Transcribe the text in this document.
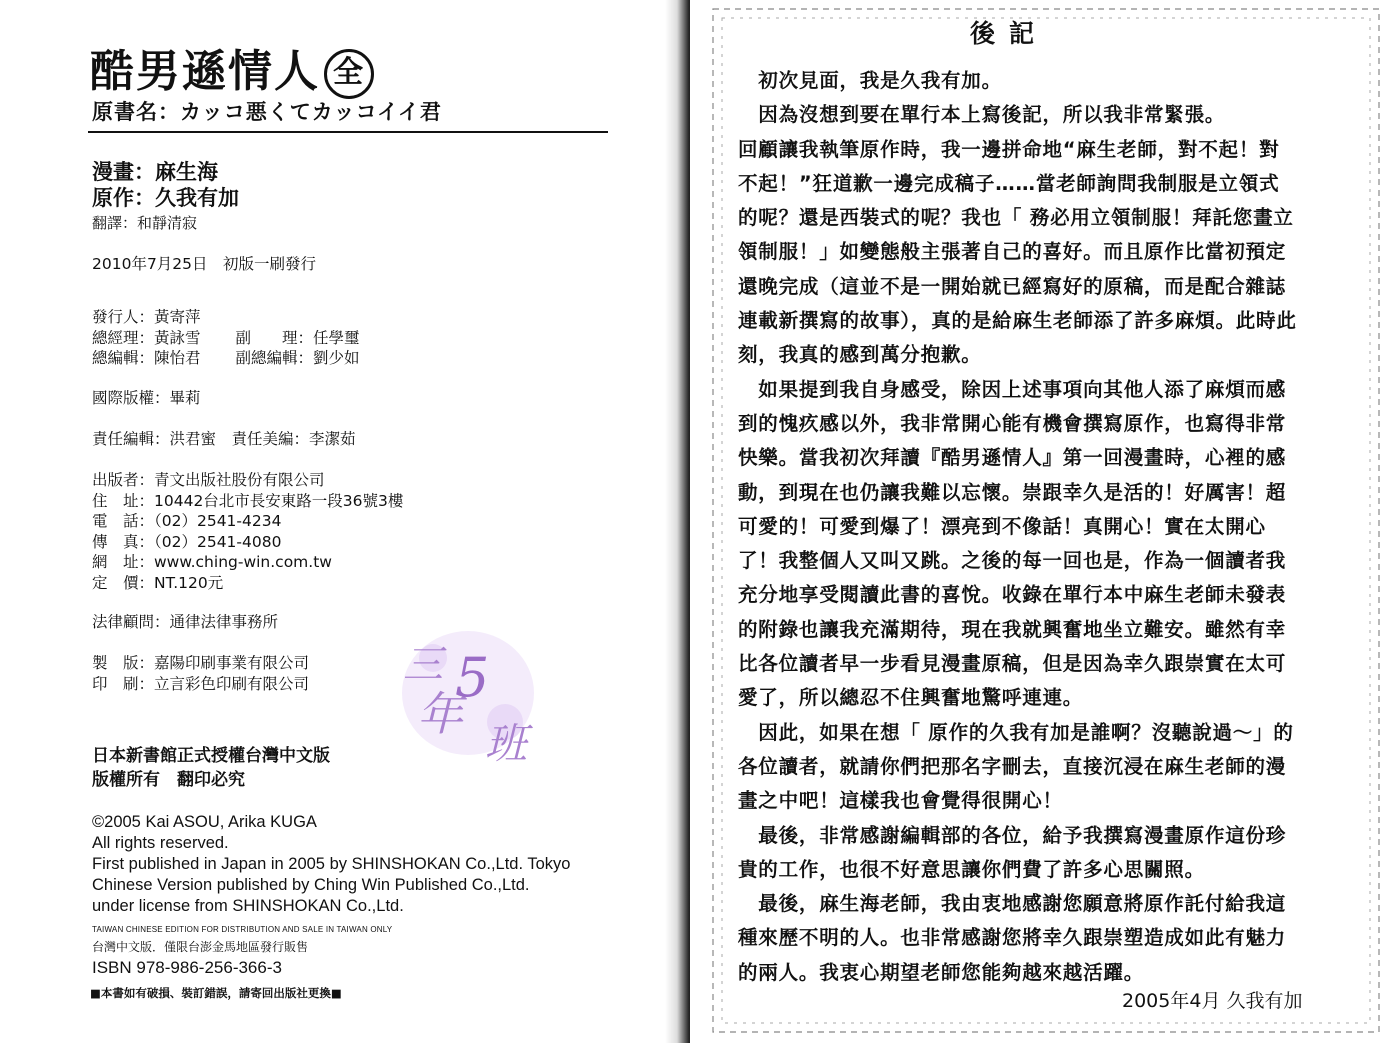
酷男遜情人 全
原書名：カッコ悪くてカッコイイ君
漫畫：麻生海
原作：久我有加
翻譯：和靜清寂
2010年7月25日　初版一刷發行
發行人：黃寄萍
總經理：黃詠雪 副　　理：任學璽
總編輯：陳怡君 副總編輯：劉少如
國際版權：畢莉
責任編輯：洪君蜜　責任美編：李潔茹
出版者：青文出版社股份有限公司
住　址：10442台北市長安東路一段36號3樓
電　話：（02）2541-4234
傳　真：（02）2541-4080
網　址：www.ching-win.com.tw
定　價：NT.120元
法律顧問：通律法律事務所
製　版：嘉陽印刷事業有限公司
印　刷：立言彩色印刷有限公司 三
年
5
班
日本新書館正式授權台灣中文版
版權所有　翻印必究
©2005 Kai ASOU, Arika KUGA
All rights reserved.
First published in Japan in 2005 by SHINSHOKAN Co.,Ltd. Tokyo
Chinese Version published by Ching Win Published Co.,Ltd.
under license from SHINSHOKAN Co.,Ltd.
TAIWAN CHINESE EDITION FOR DISTRIBUTION AND SALE IN TAIWAN ONLY
台灣中文版．僅限台澎金馬地區發行販售
ISBN 978-986-256-366-3
■本書如有破損、裝訂錯誤，請寄回出版社更換■
後記
　初次見面，我是久我有加。
　因為沒想到要在單行本上寫後記，所以我非常緊張。
回顧讓我執筆原作時，我一邊拼命地“麻生老師，對不起！對
不起！”狂道歉一邊完成稿子……當老師詢問我制服是立領式
的呢？還是西裝式的呢？我也「 務必用立領制服！拜託您畫立
領制服！」如變態般主張著自己的喜好。而且原作比當初預定
還晚完成（這並不是一開始就已經寫好的原稿，而是配合雜誌
連載新撰寫的故事），真的是給麻生老師添了許多麻煩。此時此
刻，我真的感到萬分抱歉。
　如果提到我自身感受，除因上述事項向其他人添了麻煩而感
到的愧疚感以外，我非常開心能有機會撰寫原作，也寫得非常
快樂。當我初次拜讀『酷男遜情人』第一回漫畫時，心裡的感
動，到現在也仍讓我難以忘懷。崇跟幸久是活的！好厲害！超
可愛的！可愛到爆了！漂亮到不像話！真開心！實在太開心
了！我整個人又叫又跳。之後的每一回也是，作為一個讀者我
充分地享受閱讀此書的喜悅。收錄在單行本中麻生老師未發表
的附錄也讓我充滿期待，現在我就興奮地坐立難安。雖然有幸
比各位讀者早一步看見漫畫原稿，但是因為幸久跟崇實在太可
愛了，所以總忍不住興奮地驚呼連連。
　因此，如果在想「 原作的久我有加是誰啊？沒聽說過～」的
各位讀者，就請你們把那名字刪去，直接沉浸在麻生老師的漫
畫之中吧！這樣我也會覺得很開心！
　最後，非常感謝編輯部的各位，給予我撰寫漫畫原作這份珍
貴的工作，也很不好意思讓你們費了許多心思關照。
　最後，麻生海老師，我由衷地感謝您願意將原作託付給我這
種來歷不明的人。也非常感謝您將幸久跟崇塑造成如此有魅力
的兩人。我衷心期望老師您能夠越來越活躍。
2005年4月 久我有加
